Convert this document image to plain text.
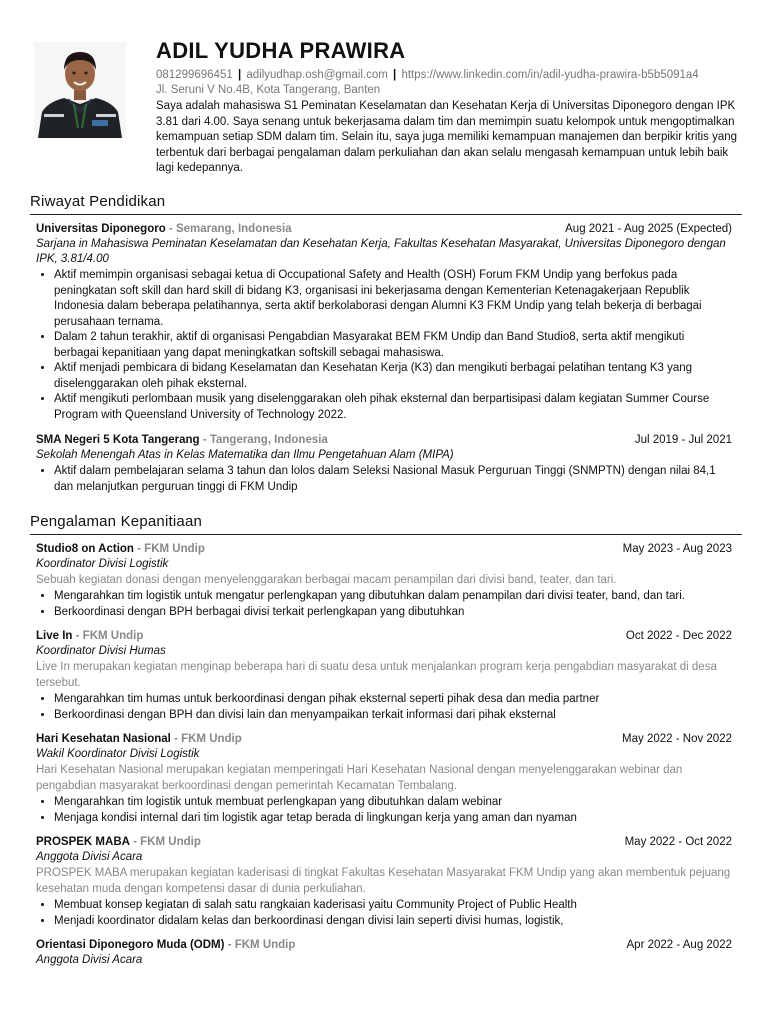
ADIL YUDHA PRAWIRA
081299696451 | adilyudhap.osh@gmail.com | https://www.linkedin.com/in/adil-yudha-prawira-b5b5091a4
Jl. Seruni V No.4B, Kota Tangerang, Banten
Saya adalah mahasiswa S1 Peminatan Keselamatan dan Kesehatan Kerja di Universitas Diponegoro dengan IPK 3.81 dari 4.00. Saya senang untuk bekerjasama dalam tim dan memimpin suatu kelompok untuk mengoptimalkan kemampuan setiap SDM dalam tim. Selain itu, saya juga memiliki kemampuan manajemen dan berpikir kritis yang terbentuk dari berbagai pengalaman dalam perkuliahan dan akan selalu mengasah kemampuan untuk lebih baik lagi kedepannya.
Riwayat Pendidikan
Universitas Diponegoro - Semarang, Indonesia	Aug 2021 - Aug 2025 (Expected)
Sarjana in Mahasiswa Peminatan Keselamatan dan Kesehatan Kerja, Fakultas Kesehatan Masyarakat, Universitas Diponegoro dengan IPK, 3.81/4.00
• Aktif memimpin organisasi sebagai ketua di Occupational Safety and Health (OSH) Forum FKM Undip yang berfokus pada peningkatan soft skill dan hard skill di bidang K3, organisasi ini bekerjasama dengan Kementerian Ketenagakerjaan Republik Indonesia dalam beberapa pelatihannya, serta aktif berkolaborasi dengan Alumni K3 FKM Undip yang telah bekerja di berbagai perusahaan ternama.
• Dalam 2 tahun terakhir, aktif di organisasi Pengabdian Masyarakat BEM FKM Undip dan Band Studio8, serta aktif mengikuti berbagai kepanitiaan yang dapat meningkatkan softskill sebagai mahasiswa.
• Aktif menjadi pembicara di bidang Keselamatan dan Kesehatan Kerja (K3) dan mengikuti berbagai pelatihan tentang K3 yang diselenggarakan oleh pihak eksternal.
• Aktif mengikuti perlombaan musik yang diselenggarakan oleh pihak eksternal dan berpartisipasi dalam kegiatan Summer Course Program with Queensland University of Technology 2022.
SMA Negeri 5 Kota Tangerang - Tangerang, Indonesia	Jul 2019 - Jul 2021
Sekolah Menengah Atas in Kelas Matematika dan Ilmu Pengetahuan Alam (MIPA)
• Aktif dalam pembelajaran selama 3 tahun dan lolos dalam Seleksi Nasional Masuk Perguruan Tinggi (SNMPTN) dengan nilai 84,1 dan melanjutkan perguruan tinggi di FKM Undip
Pengalaman Kepanitiaan
Studio8 on Action - FKM Undip	May 2023 - Aug 2023
Koordinator Divisi Logistik
Sebuah kegiatan donasi dengan menyelenggarakan berbagai macam penampilan dari divisi band, teater, dan tari.
• Mengarahkan tim logistik untuk mengatur perlengkapan yang dibutuhkan dalam penampilan dari divisi teater, band, dan tari.
• Berkoordinasi dengan BPH berbagai divisi terkait perlengkapan yang dibutuhkan
Live In - FKM Undip	Oct 2022 - Dec 2022
Koordinator Divisi Humas
Live In merupakan kegiatan menginap beberapa hari di suatu desa untuk menjalankan program kerja pengabdian masyarakat di desa tersebut.
• Mengarahkan tim humas untuk berkoordinasi dengan pihak eksternal seperti pihak desa dan media partner
• Berkoordinasi dengan BPH dan divisi lain dan menyampaikan terkait informasi dari pihak eksternal
Hari Kesehatan Nasional - FKM Undip	May 2022 - Nov 2022
Wakil Koordinator Divisi Logistik
Hari Kesehatan Nasional merupakan kegiatan memperingati Hari Kesehatan Nasional dengan menyelenggarakan webinar dan pengabdian masyarakat berkoordinasi dengan pemerintah Kecamatan Tembalang.
• Mengarahkan tim logistik untuk membuat perlengkapan yang dibutuhkan dalam webinar
• Menjaga kondisi internal dari tim logistik agar tetap berada di lingkungan kerja yang aman dan nyaman
PROSPEK MABA - FKM Undip	May 2022 - Oct 2022
Anggota Divisi Acara
PROSPEK MABA merupakan kegiatan kaderisasi di tingkat Fakultas Kesehatan Masyarakat FKM Undip yang akan membentuk pejuang kesehatan muda dengan kompetensi dasar di dunia perkuliahan.
• Membuat konsep kegiatan di salah satu rangkaian kaderisasi yaitu Community Project of Public Health
• Menjadi koordinator didalam kelas dan berkoordinasi dengan divisi lain seperti divisi humas, logistik,
Orientasi Diponegoro Muda (ODM) - FKM Undip	Apr 2022 - Aug 2022
Anggota Divisi Acara
